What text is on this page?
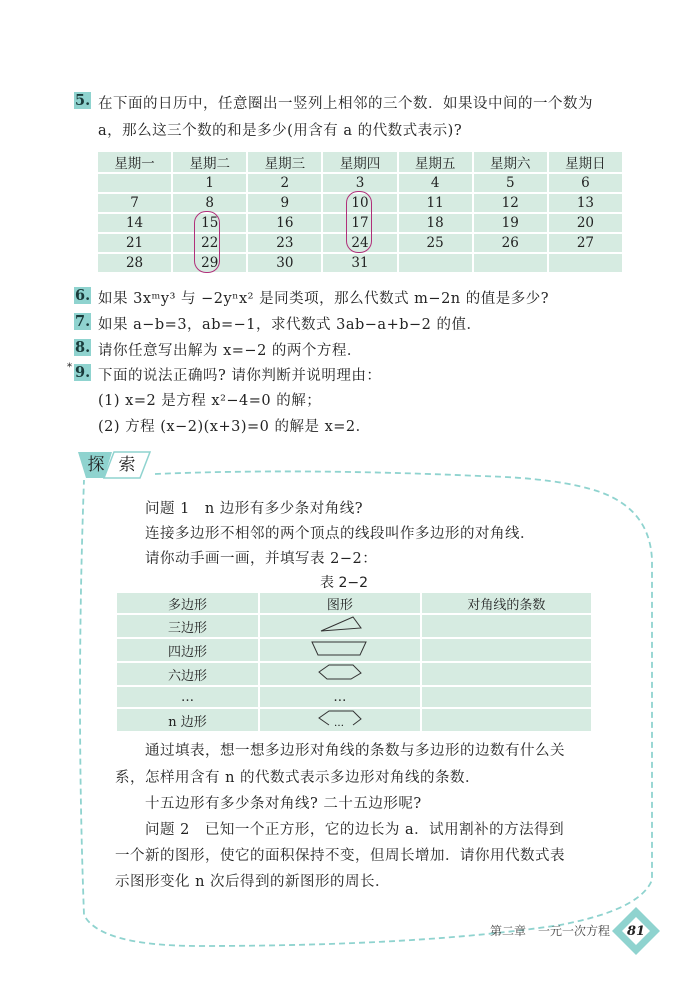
5. 在下面的日历中，任意圈出一竖列上相邻的三个数．如果设中间的一个数为
a，那么这三个数的和是多少(用含有 a 的代数式表示)?
星期一	星期二	星期三	星期四	星期五	星期六	星期日
	1	2	3	4	5	6
7	8	9	10	11	12	13
14	15	16	17	18	19	20
21	22	23	24	25	26	27
28	29	30	31			
6. 如果 3xᵐy³ 与 −2yⁿx² 是同类项，那么代数式 m−2n 的值是多少?
7. 如果 a−b=3，ab=−1，求代数式 3ab−a+b−2 的值．
8. 请你任意写出解为 x=−2 的两个方程．
* 9. 下面的说法正确吗? 请你判断并说明理由：
(1) x=2 是方程 x²−4=0 的解；
(2) 方程 (x−2)(x+3)=0 的解是 x=2．
探 索
问题 1　n 边形有多少条对角线?
连接多边形不相邻的两个顶点的线段叫作多边形的对角线．
请你动手画一画，并填写表 2−2：
表 2−2
多边形	图形	对角线的条数
三边形		
四边形		
六边形		
…	…	
n 边形	…	

通过填表，想一想多边形对角线的条数与多边形的边数有什么关
系，怎样用含有 n 的代数式表示多边形对角线的条数．
十五边形有多少条对角线? 二十五边形呢?
问题 2　已知一个正方形，它的边长为 a．试用割补的方法得到
一个新的图形，使它的面积保持不变，但周长增加．请你用代数式表
示图形变化 n 次后得到的新图形的周长．
第二章　一元一次方程 81
